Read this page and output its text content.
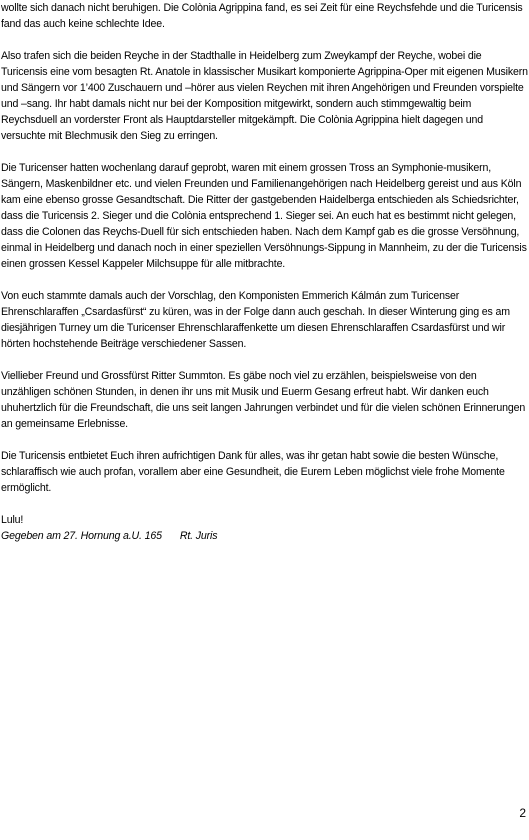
wollte sich danach nicht beruhigen. Die Colònia Agrippina fand, es sei Zeit für eine Reychsfehde und die Turicensis fand das auch keine schlechte Idee.

Also trafen sich die beiden Reyche in der Stadthalle in Heidelberg zum Zweykampf der Reyche, wobei die Turicensis eine vom besagten Rt. Anatole in klassischer Musikart komponierte Agrippina-Oper mit eigenen Musikern und Sängern vor 1’400 Zuschauern und –hörer aus vielen Reychen mit ihren Angehörigen und Freunden vorspielte und –sang. Ihr habt damals nicht nur bei der Komposition mitgewirkt, sondern auch stimmgewaltig beim Reychsduell an vorderster Front als Hauptdarsteller mitgekämpft. Die Colònia Agrippina hielt dagegen und versuchte mit Blechmusik den Sieg zu erringen.

Die Turicenser hatten wochenlang darauf geprobt, waren mit einem grossen Tross an Symphonie-musikern, Sängern, Maskenbildner etc. und vielen Freunden und Familienangehörigen nach Heidelberg gereist und aus Köln kam eine ebenso grosse Gesandtschaft. Die Ritter der gastgebenden Haidelberga entschieden als Schiedsrichter, dass die Turicensis 2. Sieger und die Colònia entsprechend 1. Sieger sei. An euch hat es bestimmt nicht gelegen, dass die Colonen das Reychs-Duell für sich entschieden haben. Nach dem Kampf gab es die grosse Versöhnung, einmal in Heidelberg und danach noch in einer speziellen Versöhnungs-Sippung in Mannheim, zu der die Turicensis einen grossen Kessel Kappeler Milchsuppe für alle mitbrachte.

Von euch stammte damals auch der Vorschlag, den Komponisten Emmerich Kálmán zum Turicenser Ehrenschlaraffen „Csardasfürst“ zu küren, was in der Folge dann auch geschah. In dieser Winterung ging es am diesjährigen Turney um die Turicenser Ehrenschlaraffenkette um diesen Ehrenschlaraffen Csardasfürst und wir hörten hochstehende Beiträge verschiedener Sassen.

Viellieber Freund und Grossfürst Ritter Summton. Es gäbe noch viel zu erzählen, beispielsweise von den unzähligen schönen Stunden, in denen ihr uns mit Musik und Euerm Gesang erfreut habt. Wir danken euch uhuhertzlich für die Freundschaft, die uns seit langen Jahrungen verbindet und für die vielen schönen Erinnerungen an gemeinsame Erlebnisse.

Die Turicensis entbietet Euch ihren aufrichtigen Dank für alles, was ihr getan habt sowie die besten Wünsche, schlaraffisch wie auch profan, vorallem aber eine Gesundheit, die Eurem Leben möglichst viele frohe Momente ermöglicht.

Lulu!

Gegeben am 27. Hornung a.U. 165 Rt. Juris

2
